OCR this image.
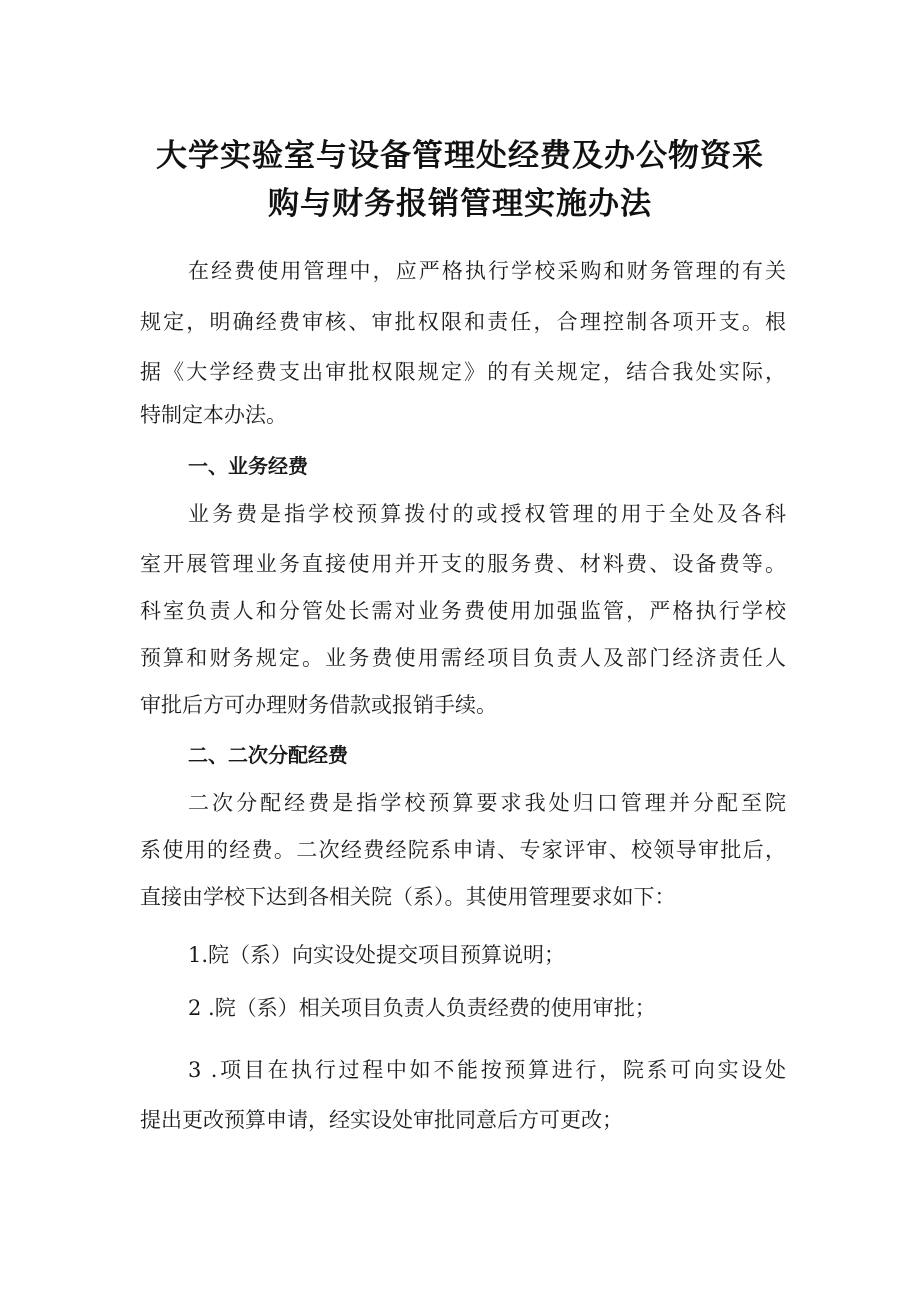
大学实验室与设备管理处经费及办公物资采
购与财务报销管理实施办法

在经费使用管理中，应严格执行学校采购和财务管理的有关

规定，明确经费审核、审批权限和责任，合理控制各项开支。根

据《大学经费支出审批权限规定》的有关规定，结合我处实际，

特制定本办法。

一、业务经费

业务费是指学校预算拨付的或授权管理的用于全处及各科

室开展管理业务直接使用并开支的服务费、材料费、设备费等。

科室负责人和分管处长需对业务费使用加强监管，严格执行学校

预算和财务规定。业务费使用需经项目负责人及部门经济责任人

审批后方可办理财务借款或报销手续。

二、二次分配经费

二次分配经费是指学校预算要求我处归口管理并分配至院

系使用的经费。二次经费经院系申请、专家评审、校领导审批后，

直接由学校下达到各相关院（系）。其使用管理要求如下：

1.院（系）向实设处提交项目预算说明；

2 .院（系）相关项目负责人负责经费的使用审批；

3 .项目在执行过程中如不能按预算进行，院系可向实设处

提出更改预算申请，经实设处审批同意后方可更改；
